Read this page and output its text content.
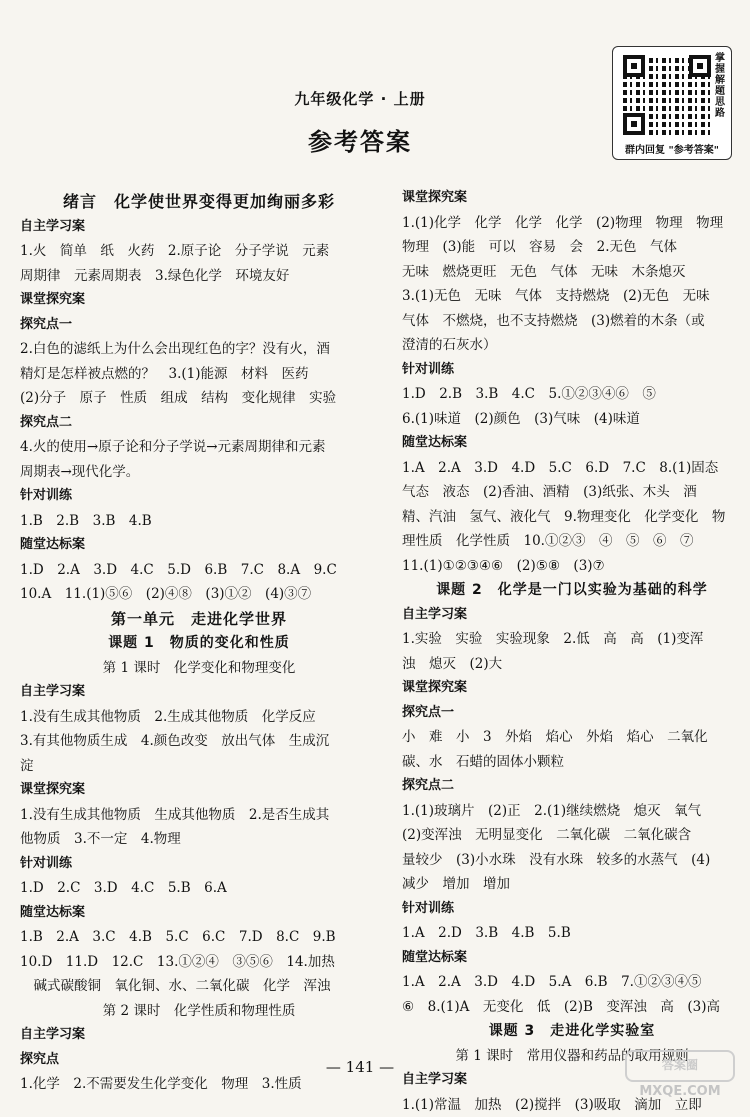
九年级化学 · 上册
参考答案
掌握解题思路
群内回复 "参考答案"
绪言　化学使世界变得更加绚丽多彩
自主学习案
1.火　简单　纸　火药　2.原子论　分子学说　元素
周期律　元素周期表　3.绿色化学　环境友好
课堂探究案
探究点一
2.白色的滤纸上为什么会出现红色的字？没有火，酒
精灯是怎样被点燃的？　3.(1)能源　材料　医药
(2)分子　原子　性质　组成　结构　变化规律　实验
探究点二
4.火的使用→原子论和分子学说→元素周期律和元素
周期表→现代化学。
针对训练
1.B　2.B　3.B　4.B
随堂达标案
1.D　2.A　3.D　4.C　5.D　6.B　7.C　8.A　9.C
10.A　11.(1)⑤⑥　(2)④⑧　(3)①②　(4)③⑦
第一单元　走进化学世界
课题 1　物质的变化和性质
第 1 课时　化学变化和物理变化
自主学习案
1.没有生成其他物质　2.生成其他物质　化学反应
3.有其他物质生成　4.颜色改变　放出气体　生成沉
淀
课堂探究案
1.没有生成其他物质　生成其他物质　2.是否生成其
他物质　3.不一定　4.物理
针对训练
1.D　2.C　3.D　4.C　5.B　6.A
随堂达标案
1.B　2.A　3.C　4.B　5.C　6.C　7.D　8.C　9.B
10.D　11.D　12.C　13.①②④　③⑤⑥　14.加热
　碱式碳酸铜　氧化铜、水、二氧化碳　化学　浑浊
第 2 课时　化学性质和物理性质
自主学习案
探究点
1.化学　2.不需要发生化学变化　物理　3.性质
课堂探究案
1.(1)化学　化学　化学　化学　(2)物理　物理　物理
物理　(3)能　可以　容易　会　2.无色　气体
无味　燃烧更旺　无色　气体　无味　木条熄灭
3.(1)无色　无味　气体　支持燃烧　(2)无色　无味
气体　不燃烧，也不支持燃烧　(3)燃着的木条（或
澄清的石灰水）
针对训练
1.D　2.B　3.B　4.C　5.①②③④⑥　⑤
6.(1)味道　(2)颜色　(3)气味　(4)味道
随堂达标案
1.A　2.A　3.D　4.D　5.C　6.D　7.C　8.(1)固态
气态　液态　(2)香油、酒精　(3)纸张、木头　酒
精、汽油　氢气、液化气　9.物理变化　化学变化　物
理性质　化学性质　10.①②③　④　⑤　⑥　⑦
11.(1)①②③④⑥　(2)⑤⑧　(3)⑦
课题 2　化学是一门以实验为基础的科学
自主学习案
1.实验　实验　实验现象　2.低　高　高　(1)变浑
浊　熄灭　(2)大
课堂探究案
探究点一
小　难　小　3　外焰　焰心　外焰　焰心　二氧化
碳、水　石蜡的固体小颗粒
探究点二
1.(1)玻璃片　(2)正　2.(1)继续燃烧　熄灭　氧气
(2)变浑浊　无明显变化　二氧化碳　二氧化碳含
量较少　(3)小水珠　没有水珠　较多的水蒸气　(4)
减少　增加　增加
针对训练
1.A　2.D　3.B　4.B　5.B
随堂达标案
1.A　2.A　3.D　4.D　5.A　6.B　7.①②③④⑤
⑥　8.(1)A　无变化　低　(2)B　变浑浊　高　(3)高
课题 3　走进化学实验室
第 1 课时　常用仪器和药品的取用规则
自主学习案
1.(1)常温　加热　(2)搅拌　(3)吸取　滴加　立即
— 141 —	答案圈
MXQE.COM
